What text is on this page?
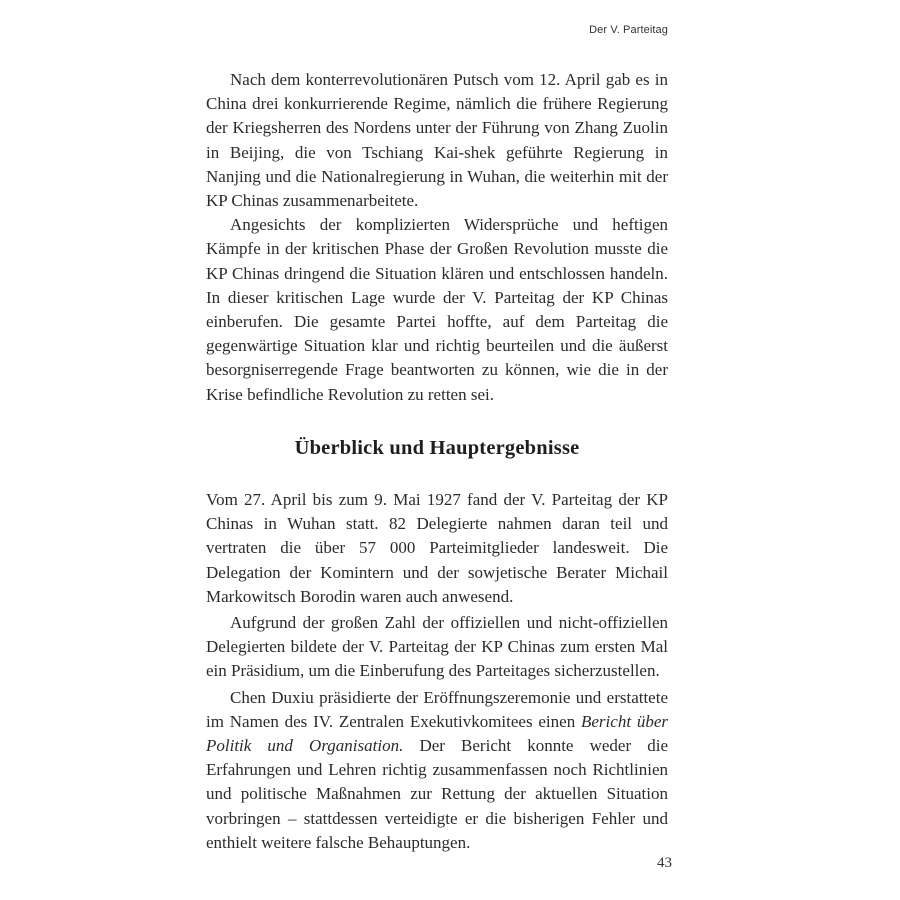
Der V. Parteitag

Nach dem konterrevolutionären Putsch vom 12. April gab es in China drei konkurrierende Regime, nämlich die frühere Regierung der Kriegsherren des Nordens unter der Führung von Zhang Zuolin in Beijing, die von Tschiang Kai-shek geführte Regierung in Nanjing und die Nationalregierung in Wuhan, die weiterhin mit der KP Chinas zusammenarbeitete.

Angesichts der komplizierten Widersprüche und heftigen Kämpfe in der kritischen Phase der Großen Revolution musste die KP Chinas dringend die Situation klären und entschlossen handeln. In dieser kritischen Lage wurde der V. Parteitag der KP Chinas einberufen. Die gesamte Partei hoffte, auf dem Parteitag die gegenwärtige Situation klar und richtig beurteilen und die äußerst besorgniserregende Frage beantworten zu können, wie die in der Krise befindliche Revolution zu retten sei.

Überblick und Hauptergebnisse

Vom 27. April bis zum 9. Mai 1927 fand der V. Parteitag der KP Chinas in Wuhan statt. 82 Delegierte nahmen daran teil und vertraten die über 57 000 Parteimitglieder landesweit. Die Delegation der Komintern und der sowjetische Berater Michail Markowitsch Borodin waren auch anwesend.

Aufgrund der großen Zahl der offiziellen und nicht-offiziellen Delegierten bildete der V. Parteitag der KP Chinas zum ersten Mal ein Präsidium, um die Einberufung des Parteitages sicherzustellen.

Chen Duxiu präsidierte der Eröffnungszeremonie und erstattete im Namen des IV. Zentralen Exekutivkomitees einen Bericht über Politik und Organisation. Der Bericht konnte weder die Erfahrungen und Lehren richtig zusammenfassen noch Richtlinien und politische Maßnahmen zur Rettung der aktuellen Situation vorbringen – stattdessen verteidigte er die bisherigen Fehler und enthielt weitere falsche Behauptungen.

43
